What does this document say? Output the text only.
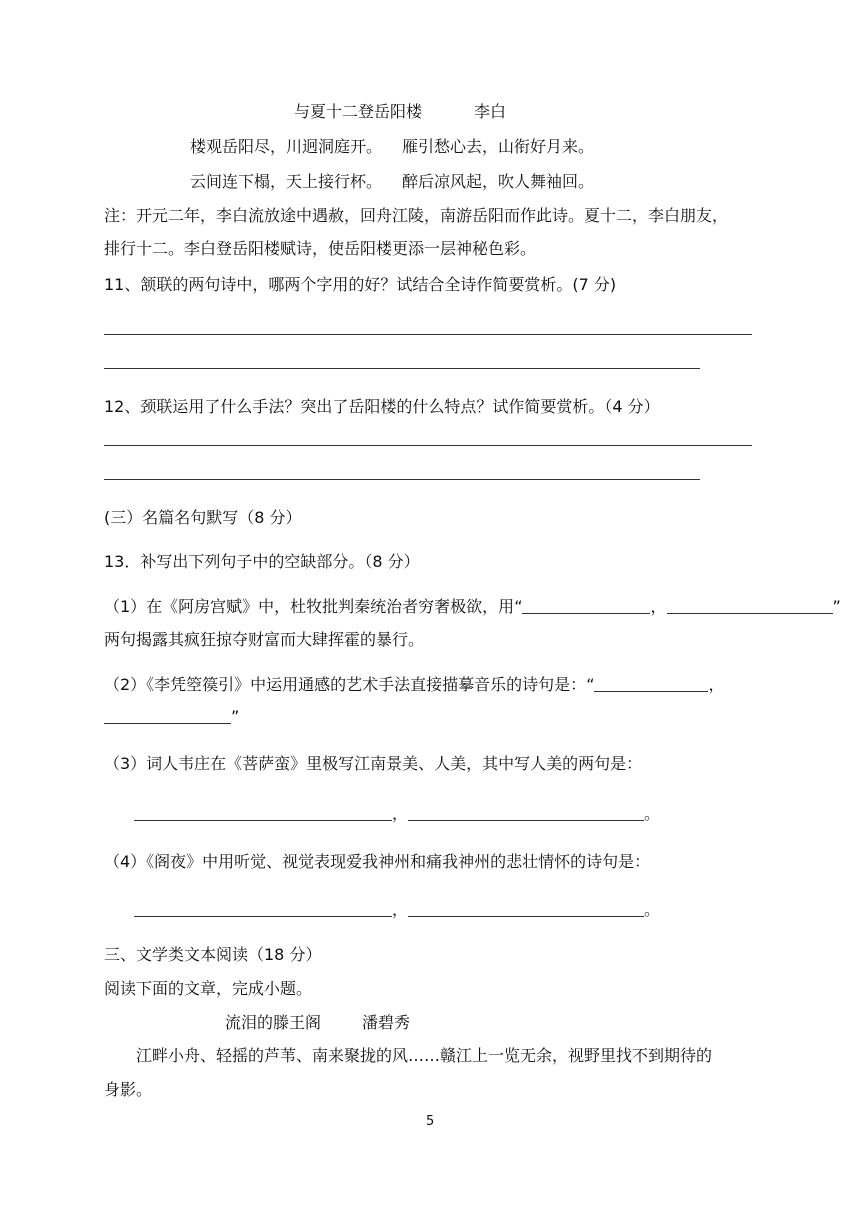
与夏十二登岳阳楼	李白
楼观岳阳尽，川迥洞庭开。 雁引愁心去，山衔好月来。
云间连下榻，天上接行杯。 醉后凉风起，吹人舞袖回。
注：开元二年，李白流放途中遇赦，回舟江陵，南游岳阳而作此诗。夏十二，李白朋友，
排行十二。李白登岳阳楼赋诗，使岳阳楼更添一层神秘色彩。
11、颔联的两句诗中，哪两个字用的好？试结合全诗作简要赏析。(7 分)
12、颈联运用了什么手法？突出了岳阳楼的什么特点？试作简要赏析。（4 分）
(三）名篇名句默写（8 分）
13．补写出下列句子中的空缺部分。（8 分）
（1）在《阿房宫赋》中，杜牧批判秦统治者穷奢极欲，用“	，	”
两句揭露其疯狂掠夺财富而大肆挥霍的暴行。
（2）《李凭箜篌引》中运用通感的艺术手法直接描摹音乐的诗句是：“	，
”
（3）词人韦庄在《菩萨蛮》里极写江南景美、人美，其中写人美的两句是：
，	。
（4）《阁夜》中用听觉、视觉表现爱我神州和痛我神州的悲壮情怀的诗句是：
，	。
三、文学类文本阅读（18 分）
阅读下面的文章，完成小题。
流泪的滕王阁	潘碧秀
江畔小舟、轻摇的芦苇、南来聚拢的风……赣江上一览无余，视野里找不到期待的
身影。
5
